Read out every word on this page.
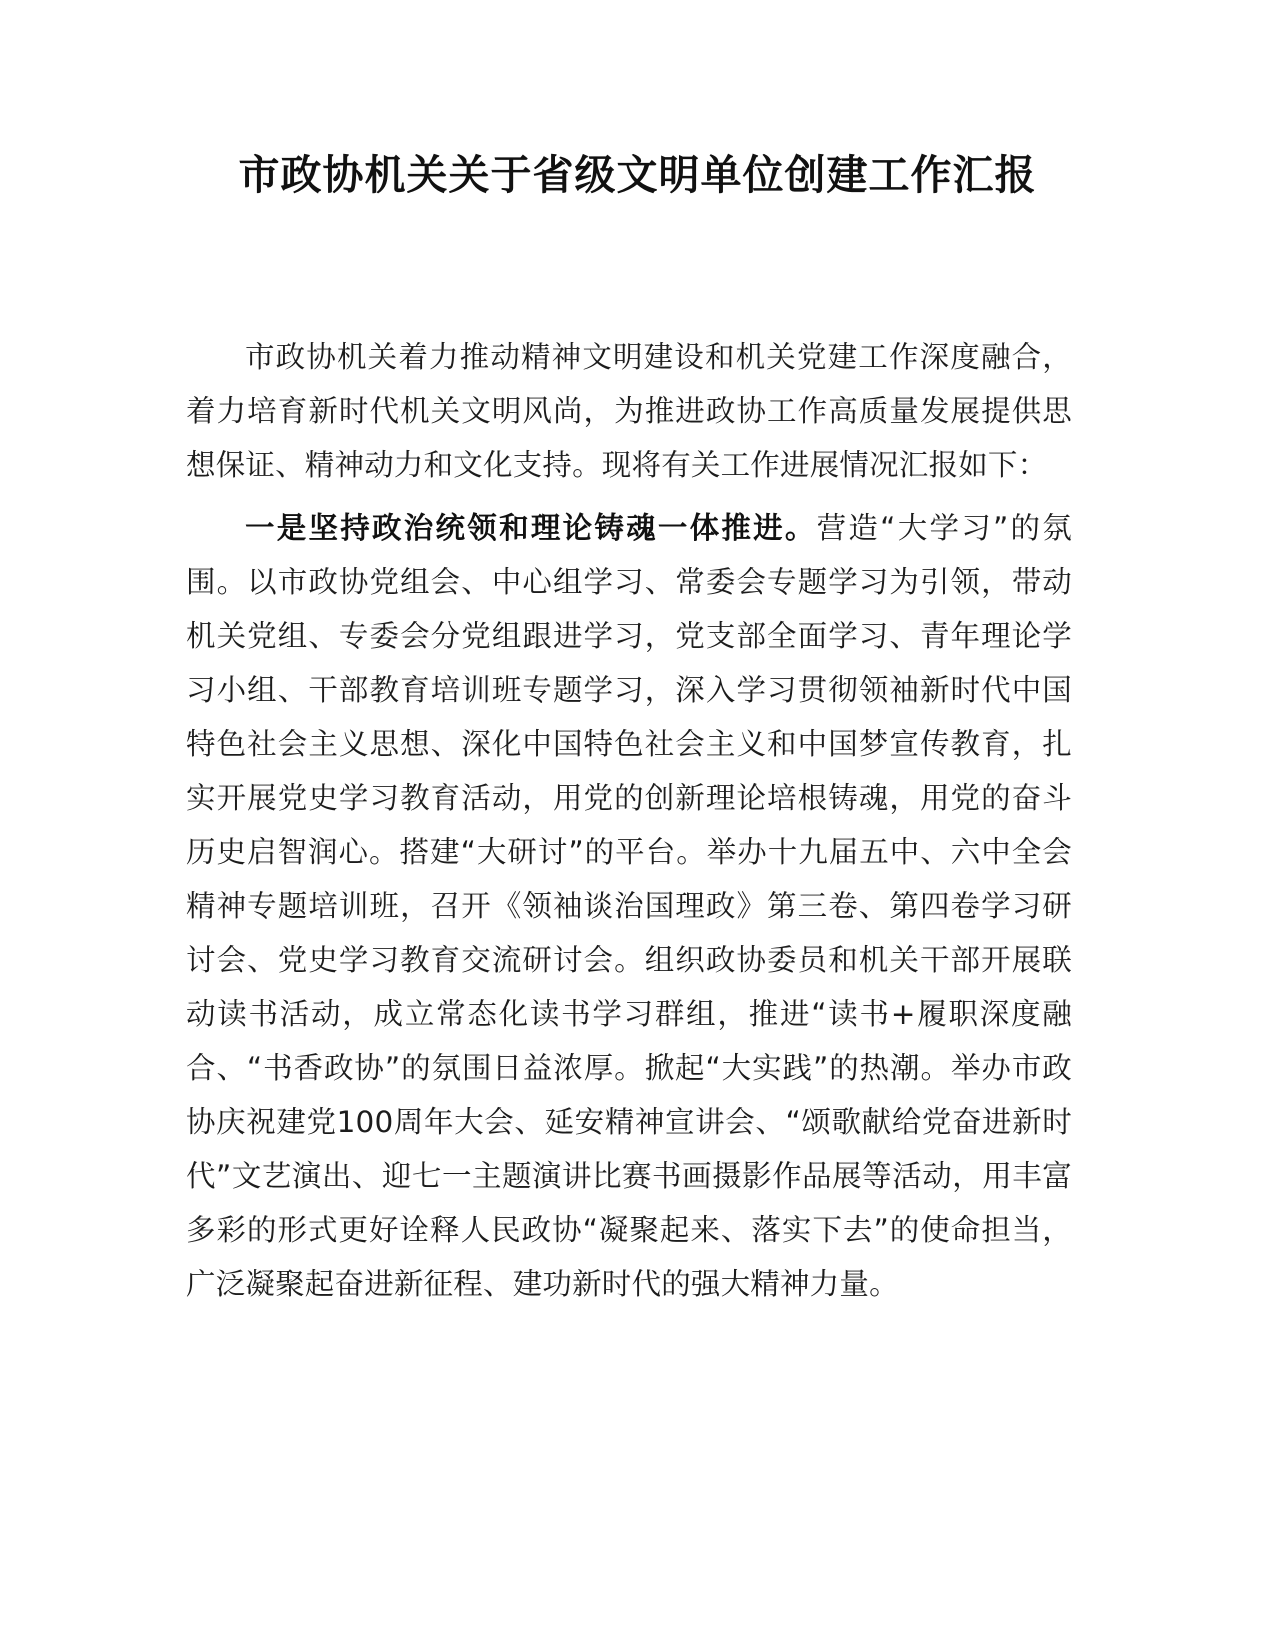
市政协机关关于省级文明单位创建工作汇报

市政协机关着力推动精神文明建设和机关党建工作深度融合，着力培育新时代机关文明风尚，为推进政协工作高质量发展提供思想保证、精神动力和文化支持。现将有关工作进展情况汇报如下：

一是坚持政治统领和理论铸魂一体推进。营造“大学习”的氛围。以市政协党组会、中心组学习、常委会专题学习为引领，带动机关党组、专委会分党组跟进学习，党支部全面学习、青年理论学习小组、干部教育培训班专题学习，深入学习贯彻领袖新时代中国特色社会主义思想、深化中国特色社会主义和中国梦宣传教育，扎实开展党史学习教育活动，用党的创新理论培根铸魂，用党的奋斗历史启智润心。搭建“大研讨”的平台。举办十九届五中、六中全会精神专题培训班，召开《领袖谈治国理政》第三卷、第四卷学习研讨会、党史学习教育交流研讨会。组织政协委员和机关干部开展联动读书活动，成立常态化读书学习群组，推进“读书+履职深度融合、“书香政协”的氛围日益浓厚。掀起“大实践”的热潮。举办市政协庆祝建党100周年大会、延安精神宣讲会、“颂歌献给党奋进新时代”文艺演出、迎七一主题演讲比赛书画摄影作品展等活动，用丰富多彩的形式更好诠释人民政协“凝聚起来、落实下去”的使命担当，广泛凝聚起奋进新征程、建功新时代的强大精神力量。
